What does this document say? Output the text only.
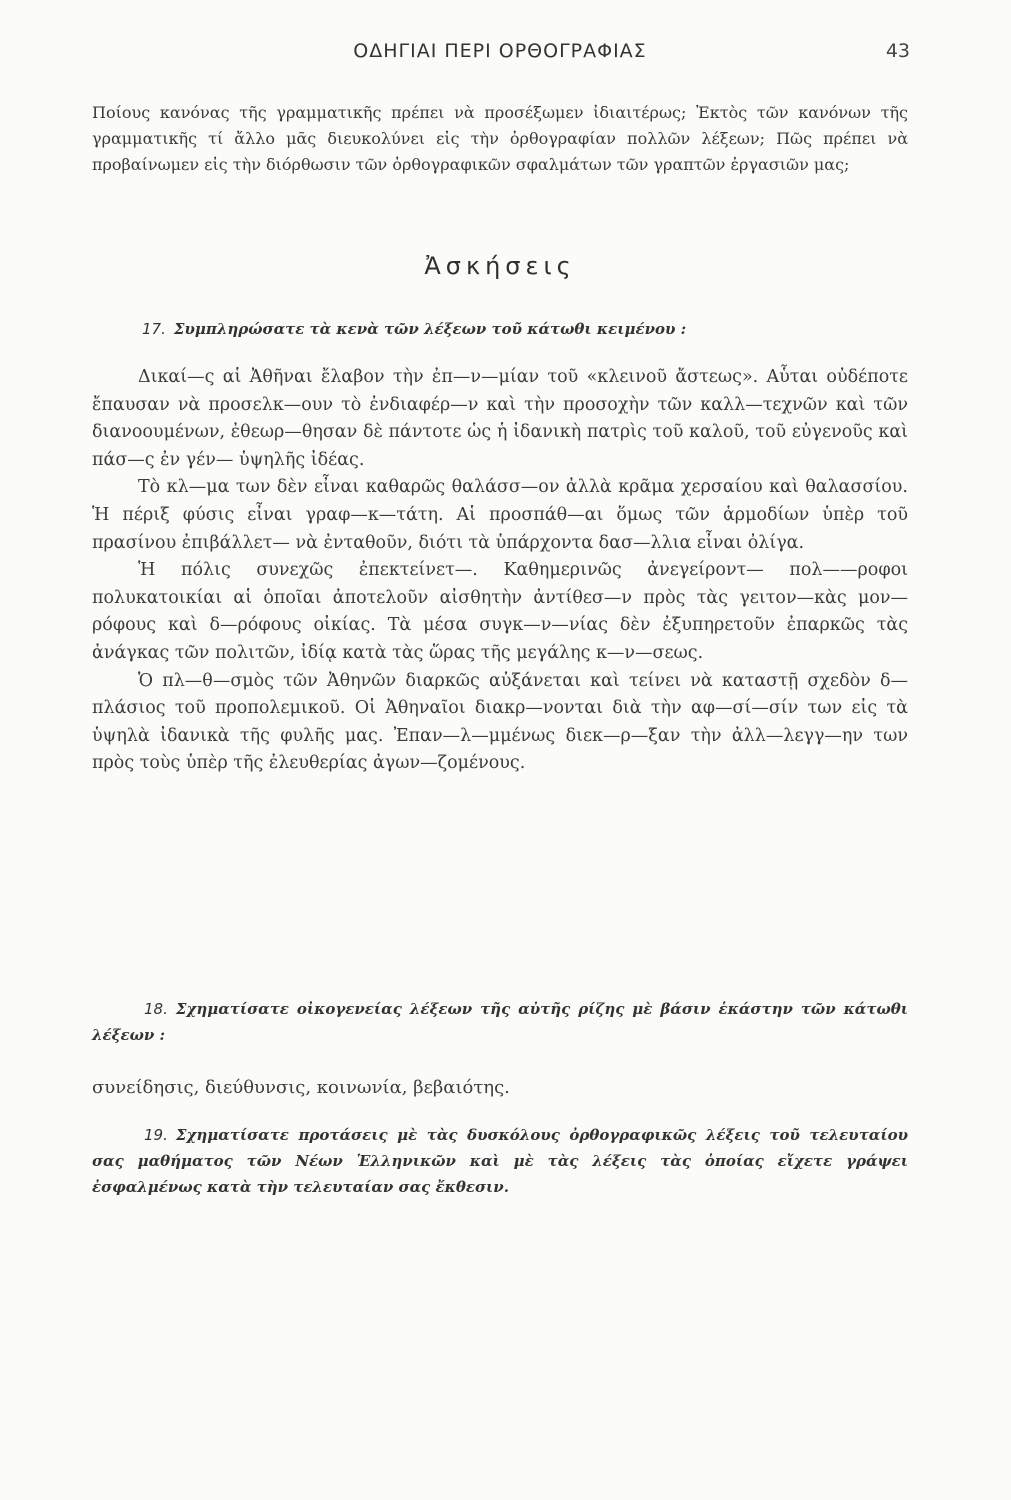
ΟΔΗΓΙΑΙ ΠΕΡΙ ΟΡΘΟΓΡΑΦΙΑΣ	43
Ποίους κανόνας τῆς γραμματικῆς πρέπει νὰ προσέξωμεν ἰδιαιτέρως; Ἐκτὸς τῶν κανόνων τῆς γραμματικῆς τί ἄλλο μᾶς διευκολύνει εἰς τὴν ὀρθογραφίαν πολλῶν λέξεων; Πῶς πρέπει νὰ προβαίνωμεν εἰς τὴν διόρθωσιν τῶν ὀρθογραφικῶν σφαλμάτων τῶν γραπτῶν ἐργασιῶν μας;
Ἀσκήσεις
17. Συμπληρώσατε τὰ κενὰ τῶν λέξεων τοῦ κάτωθι κειμένου :

Δικαί—ς αἱ Ἀθῆναι ἔλαβον τὴν ἐπ—ν—μίαν τοῦ «κλεινοῦ ἄστεως». Αὗται οὐδέποτε ἔπαυσαν νὰ προσελκ—ουν τὸ ἐνδιαφέρ—ν καὶ τὴν προσοχὴν τῶν καλλ—τεχνῶν καὶ τῶν διανοουμένων, ἐθεωρ—θησαν δὲ πάντοτε ὡς ἡ ἰδανικὴ πατρὶς τοῦ καλοῦ, τοῦ εὐγενοῦς καὶ πάσ—ς ἐν γέν— ὑψηλῆς ἰδέας.

Τὸ κλ—μα των δὲν εἶναι καθαρῶς θαλάσσ—ον ἀλλὰ κρᾶμα χερσαίου καὶ θαλασσίου. Ἡ πέριξ φύσις εἶναι γραφ—κ—τάτη. Αἱ προσπάθ—αι ὅμως τῶν ἁρμοδίων ὑπὲρ τοῦ πρασίνου ἐπιβάλλετ— νὰ ἐνταθοῦν, διότι τὰ ὑπάρχοντα δασ—λλια εἶναι ὀλίγα.

Ἡ πόλις συνεχῶς ἐπεκτείνετ—. Καθημερινῶς ἀνεγείροντ— πολ——ροφοι πολυκατοικίαι αἱ ὁποῖαι ἀποτελοῦν αἰσθητὴν ἀντίθεσ—ν πρὸς τὰς γειτον—κὰς μον—ρόφους καὶ δ—ρόφους οἰκίας. Τὰ μέσα συγκ—ν—νίας δὲν ἐξυπηρετοῦν ἐπαρκῶς τὰς ἀνάγκας τῶν πολιτῶν, ἰδίᾳ κατὰ τὰς ὥρας τῆς μεγάλης κ—ν—σεως.

Ὁ πλ—θ—σμὸς τῶν Ἀθηνῶν διαρκῶς αὐξάνεται καὶ τείνει νὰ καταστῇ σχεδὸν δ—πλάσιος τοῦ προπολεμικοῦ. Οἱ Ἀθηναῖοι διακρ—νονται διὰ τὴν αφ—σί—σίν των εἰς τὰ ὑψηλὰ ἰδανικὰ τῆς φυλῆς μας. Ἐπαν—λ—μμένως διεκ—ρ—ξαν τὴν ἀλλ—λεγγ—ην των πρὸς τοὺς ὑπὲρ τῆς ἐλευθερίας ἀγων—ζομένους.

18. Σχηματίσατε οἰκογενείας λέξεων τῆς αὐτῆς ρίζης μὲ βάσιν ἑκάστην τῶν κάτωθι λέξεων :
συνείδησις, διεύθυνσις, κοινωνία, βεβαιότης.
19. Σχηματίσατε προτάσεις μὲ τὰς δυσκόλους ὀρθογραφικῶς λέξεις τοῦ τελευταίου σας μαθήματος τῶν Νέων Ἑλληνικῶν καὶ μὲ τὰς λέξεις τὰς ὁποίας εἴχετε γράψει ἐσφαλμένως κατὰ τὴν τελευταίαν σας ἔκθεσιν.
